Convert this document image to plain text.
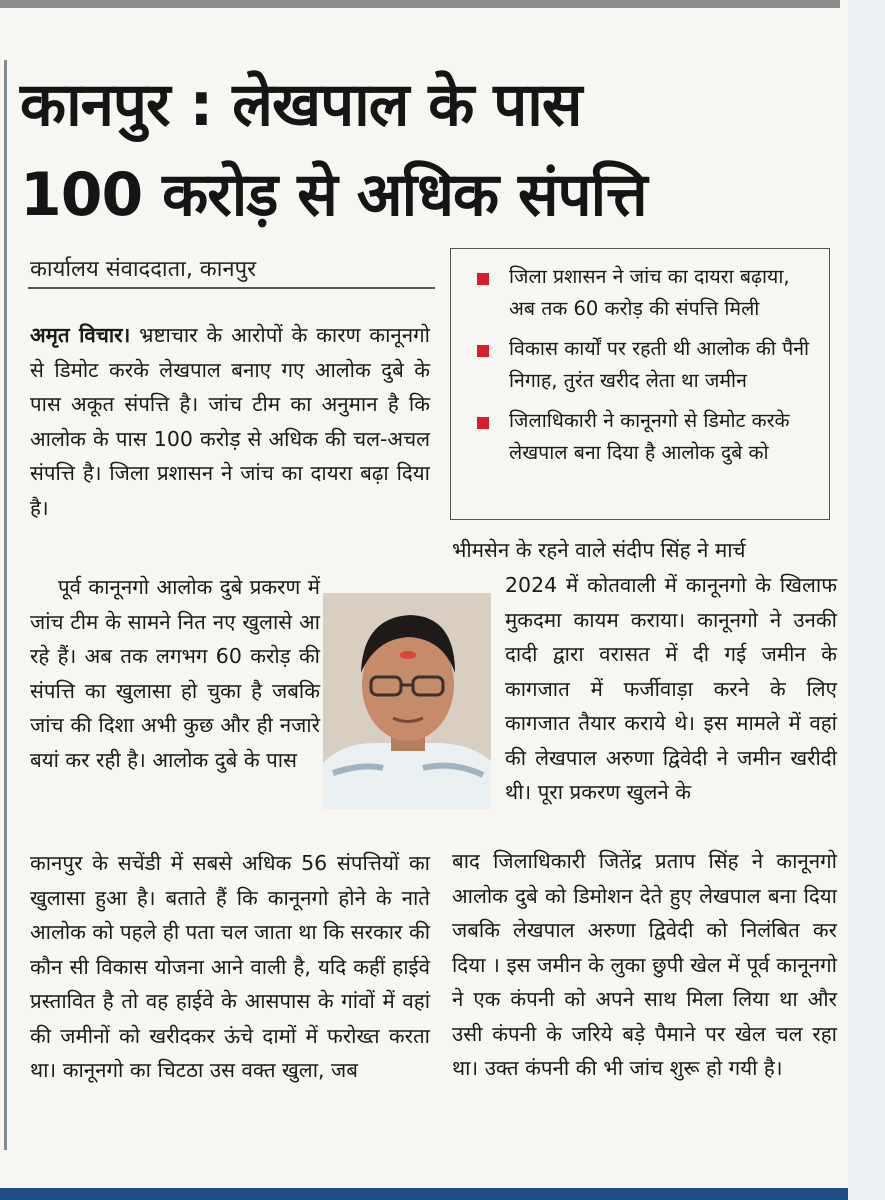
कानपुर : लेखपाल के पास
100 करोड़ से अधिक संपत्ति

कार्यालय संवाददाता, कानपुर

अमृत विचार। भ्रष्टाचार के आरोपों के कारण कानूनगो से डिमोट करके लेखपाल बनाए गए आलोक दुबे के पास अकूत संपत्ति है। जांच टीम का अनुमान है कि आलोक के पास 100 करोड़ से अधिक की चल-अचल संपत्ति है। जिला प्रशासन ने जांच का दायरा बढ़ा दिया है।

पूर्व कानूनगो आलोक दुबे प्रकरण में जांच टीम के सामने नित नए खुलासे आ रहे हैं। अब तक लगभग 60 करोड़ की संपत्ति का खुलासा हो चुका है जबकि जांच की दिशा अभी कुछ और ही नजारे बयां कर रही है। आलोक दुबे के पास

कानपुर के सचेंडी में सबसे अधिक 56 संपत्तियों का खुलासा हुआ है। बताते हैं कि कानूनगो होने के नाते आलोक को पहले ही पता चल जाता था कि सरकार की कौन सी विकास योजना आने वाली है, यदि कहीं हाईवे प्रस्तावित है तो वह हाईवे के आसपास के गांवों में वहां की जमीनों को खरीदकर ऊंचे दामों में फरोख्त करता था। कानूनगो का चिटठा उस वक्त खुला, जब

जिला प्रशासन ने जांच का दायरा बढ़ाया, अब तक 60 करोड़ की संपत्ति मिली
विकास कार्यों पर रहती थी आलोक की पैनी निगाह, तुरंत खरीद लेता था जमीन
जिलाधिकारी ने कानूनगो से डिमोट करके लेखपाल बना दिया है आलोक दुबे को

भीमसेन के रहने वाले संदीप सिंह ने मार्च

2024 में कोतवाली में कानूनगो के खिलाफ मुकदमा कायम कराया। कानूनगो ने उनकी दादी द्वारा वरासत में दी गई जमीन के कागजात में फर्जीवाड़ा करने के लिए कागजात तैयार कराये थे। इस मामले में वहां की लेखपाल अरुणा द्विवेदी ने जमीन खरीदी थी। पूरा प्रकरण खुलने के

बाद जिलाधिकारी जितेंद्र प्रताप सिंह ने कानूनगो आलोक दुबे को डिमोशन देते हुए लेखपाल बना दिया जबकि लेखपाल अरुणा द्विवेदी को निलंबित कर दिया । इस जमीन के लुका छुपी खेल में पूर्व कानूनगो ने एक कंपनी को अपने साथ मिला लिया था और उसी कंपनी के जरिये बड़े पैमाने पर खेल चल रहा था। उक्त कंपनी की भी जांच शुरू हो गयी है।
